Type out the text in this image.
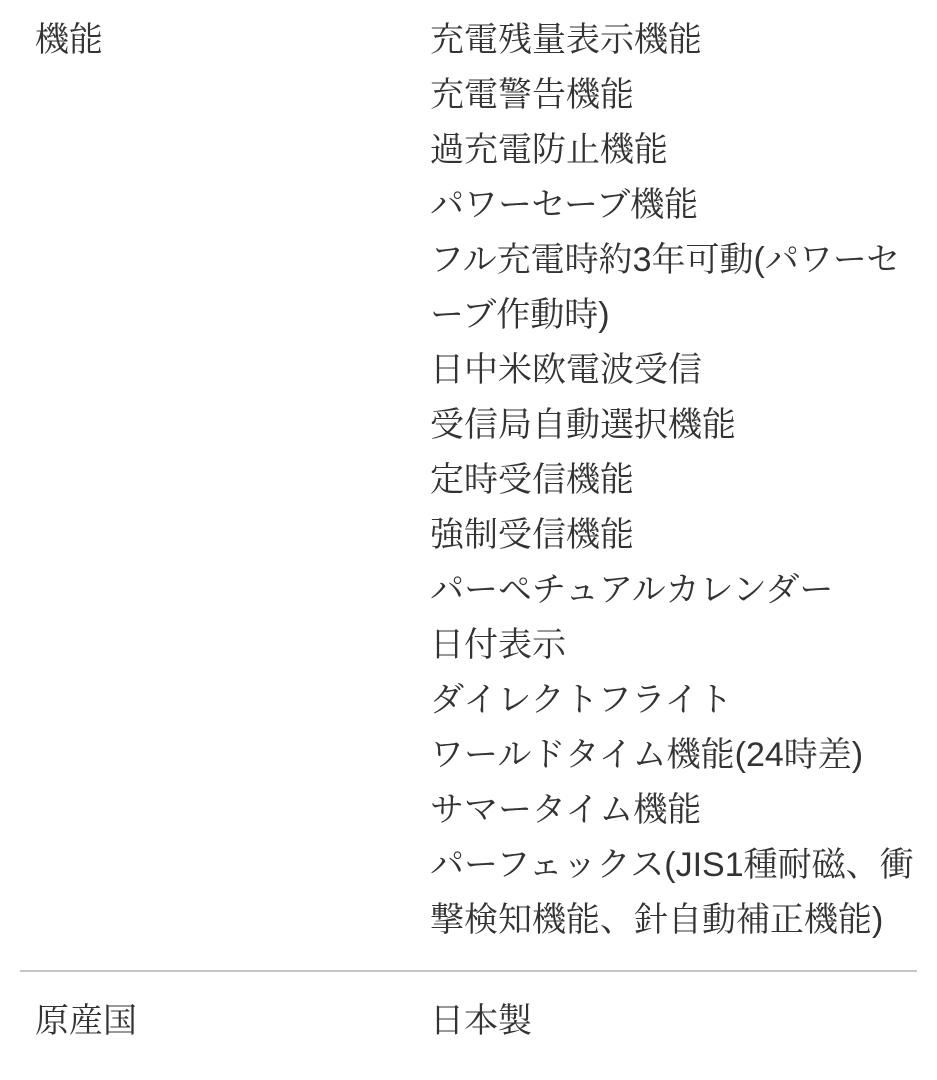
機能	充電残量表示機能
充電警告機能
過充電防止機能
パワーセーブ機能
フル充電時約3年可動(パワーセーブ作動時)
日中米欧電波受信
受信局自動選択機能
定時受信機能
強制受信機能
パーペチュアルカレンダー
日付表示
ダイレクトフライト
ワールドタイム機能(24時差)
サマータイム機能
パーフェックス(JIS1種耐磁、衝撃検知機能、針自動補正機能)
原産国	日本製
